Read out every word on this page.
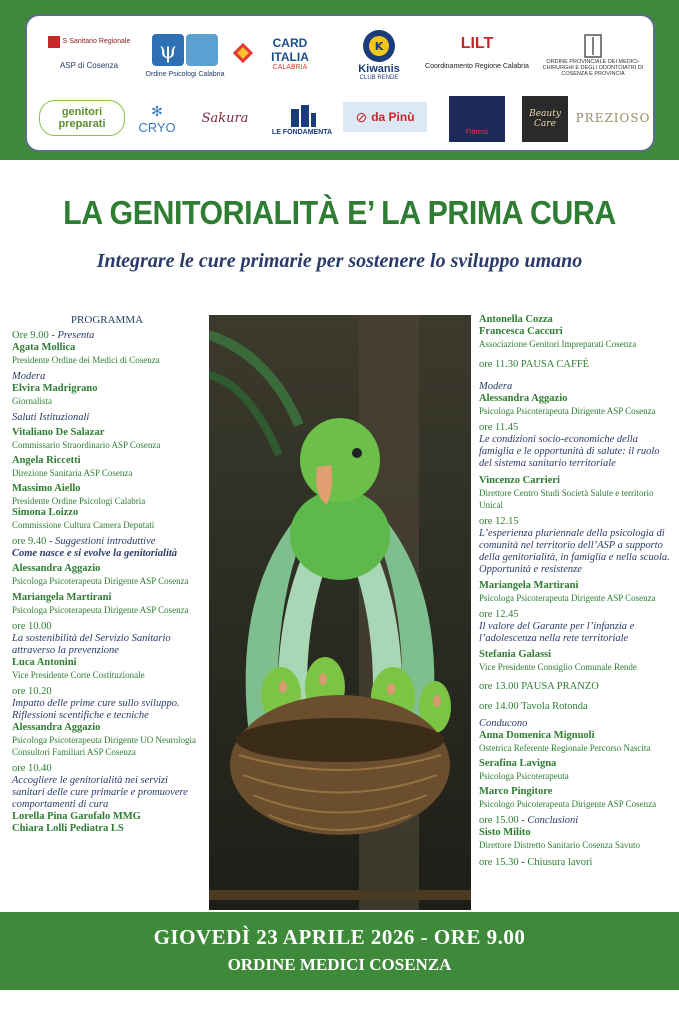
S Sanitario Regionale
ASP di Cosenza
ψ
Ordine Psicologi Calabria
CARD ITALIA
CALABRIA
K
Kiwanis
CLUB RENDE
LILT
Coordinamento Regione Calabria
ORDINE PROVINCIALE DEI MEDICI-CHIRURGHI E DEGLI ODONTOIATRI DI COSENZA E PROVINCIA
genitori preparati
✻
CRYO
Sakura
LE FONDAMENTA
⊘ da Pinù
Fitness
Beauty Care	PREZIOSO
LA GENITORIALITÀ E’ LA PRIMA CURA
Integrare le cure primarie per sostenere lo sviluppo umano
PROGRAMMA
Ore 9.00 - Presenta
Agata Mollica
Presidente Ordine dei Medici di Cosenza
Modera
Elvira Madrigrano
Giornalista
Saluti Istituzionali
Vitaliano De Salazar
Commissario Straordinario ASP Cosenza
Angela Riccetti
Direzione Sanitaria ASP Cosenza
Massimo Aiello
Presidente Ordine Psicologi Calabria
Simona Loizzo
Commissione Cultura Camera Deputati
ore 9.40 - Suggestioni introduttive
Come nasce e si evolve la genitorialità
Alessandra Aggazio
Psicologa Psicoterapeuta Dirigente ASP Cosenza
Mariangela Martirani
Psicologa Psicoterapeuta Dirigente ASP Cosenza
ore 10.00
La sostenibilità del Servizio Sanitario attraverso la prevenzione
Luca Antonini
Vice Presidente Corte Costituzionale
ore 10.20
Impatto delle prime cure sullo sviluppo. Riflessioni scentifiche e tecniche
Alessandra Aggazio
Psicologa Psicoterapeuta Dirigente UO Neurologia Consultori Familiari ASP Cosenza
ore 10.40
Accogliere le genitorialità nei servizi sanitari delle cure primarie e promuovere comportamenti di cura
Lorella Pina Garofalo MMG
Chiara Lolli Pediatra LS
Antonella Cozza
Francesca Caccuri
Associazione Genitori Impreparati Cosenza
ore 11.30 PAUSA CAFFÈ
Modera
Alessandra Aggazio
Psicologa Psicoterapeuta Dirigente ASP Cosenza
ore 11.45
Le condizioni socio-economiche della famiglia e le opportunità di salute: il ruolo del sistema sanitario territoriale
Vincenzo Carrieri
Direttore Centro Studi Società Salute e territorio Unical
ore 12.15
L’esperienza pluriennale della psicologia di comunità nel territorio dell’ASP a supporto della genitorialità, in famiglia e nella scuola. Opportunità e resistenze
Mariangela Martirani
Psicologa Psicoterapeuta Dirigente ASP Cosenza
ore 12.45
Il valore del Garante per l’infanzia e l’adolescenza nella rete territoriale
Stefania Galassi
Vice Presidente Consiglio Comunale Rende
ore 13.00 PAUSA PRANZO
ore 14.00 Tavola Rotonda
Conducono
Anna Domenica Mignuoli
Ostetrica Referente Regionale Percorso Nascita
Serafina Lavigna
Psicologa Psicoterapeuta
Marco Pingitore
Psicologo Psicoterapeuta Dirigente ASP Cosenza
ore 15.00 - Conclusioni
Sisto Milito
Direttore Distretto Sanitario Cosenza Savuto
ore 15.30 - Chiusura lavori
GIOVEDÌ 23 APRILE 2026 - ORE 9.00
ORDINE MEDICI COSENZA
